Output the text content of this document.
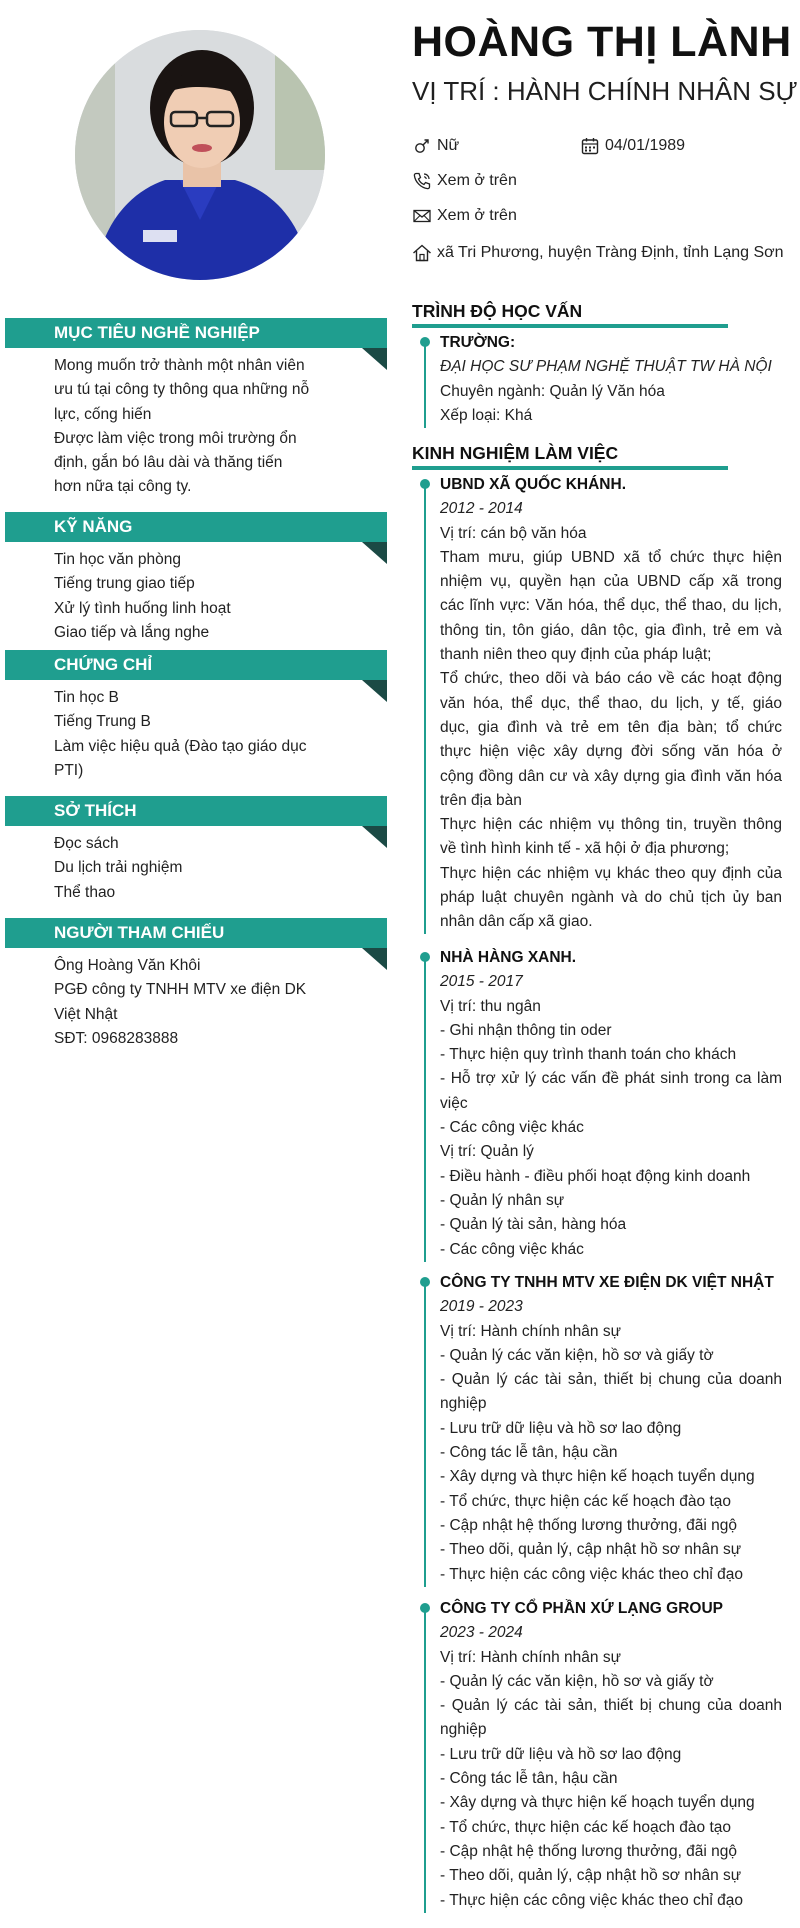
HOÀNG THỊ LÀNH
VỊ TRÍ : HÀNH CHÍNH NHÂN SỰ
Nữ	04/01/1989
Xem ở trên
Xem ở trên
xã Tri Phương, huyện Tràng Định, tỉnh Lạng Sơn
MỤC TIÊU NGHỀ NGHIỆP
Mong muốn trở thành một nhân viên
ưu tú tại công ty thông qua những nỗ
lực, cống hiến
Được làm việc trong môi trường ổn
định, gắn bó lâu dài và thăng tiến
hơn nữa tại công ty.
KỸ NĂNG
Tin học văn phòng
Tiếng trung giao tiếp
Xử lý tình huống linh hoạt
Giao tiếp và lắng nghe
CHỨNG CHỈ
Tin học B
Tiếng Trung B
Làm việc hiệu quả (Đào tạo giáo dục
PTI)
SỞ THÍCH
Đọc sách
Du lịch trải nghiệm
Thể thao
NGƯỜI THAM CHIẾU
Ông Hoàng Văn Khôi
PGĐ công ty TNHH MTV xe điện DK
Việt Nhật
SĐT: 0968283888
TRÌNH ĐỘ HỌC VẤN
TRƯỜNG:
ĐẠI HỌC SƯ PHẠM NGHỆ THUẬT TW HÀ NỘI
Chuyên ngành: Quản lý Văn hóa
Xếp loại: Khá
KINH NGHIỆM LÀM VIỆC
UBND XÃ QUỐC KHÁNH.
2012 - 2014
Vị trí: cán bộ văn hóa
Tham mưu, giúp UBND xã tổ chức thực hiện
nhiệm vụ, quyền hạn của UBND cấp xã trong
các lĩnh vực: Văn hóa, thể dục, thể thao, du lịch,
thông tin, tôn giáo, dân tộc, gia đình, trẻ em và
thanh niên theo quy định của pháp luật;
Tổ chức, theo dõi và báo cáo về các hoạt động
văn hóa, thể dục, thể thao, du lịch, y tế, giáo
dục, gia đình và trẻ em tên địa bàn; tổ chức
thực hiện việc xây dựng đời sống văn hóa ở
cộng đồng dân cư và xây dựng gia đình văn hóa
trên địa bàn
Thực hiện các nhiệm vụ thông tin, truyền thông
về tình hình kinh tế - xã hội ở địa phương;
Thực hiện các nhiệm vụ khác theo quy định của
pháp luật chuyên ngành và do chủ tịch ủy ban
nhân dân cấp xã giao.
NHÀ HÀNG XANH.
2015 - 2017
Vị trí: thu ngân
- Ghi nhận thông tin oder
- Thực hiện quy trình thanh toán cho khách
- Hỗ trợ xử lý các vấn đề phát sinh trong ca làm
việc
- Các công việc khác
Vị trí: Quản lý
- Điều hành - điều phối hoạt động kinh doanh
- Quản lý nhân sự
- Quản lý tài sản, hàng hóa
- Các công việc khác
CÔNG TY TNHH MTV XE ĐIỆN DK VIỆT NHẬT
2019 - 2023
Vị trí: Hành chính nhân sự
- Quản lý các văn kiện, hồ sơ và giấy tờ
- Quản lý các tài sản, thiết bị chung của doanh
nghiệp
- Lưu trữ dữ liệu và hồ sơ lao động
- Công tác lễ tân, hậu cần
- Xây dựng và thực hiện kế hoạch tuyển dụng
- Tổ chức, thực hiện các kế hoạch đào tạo
- Cập nhật hệ thống lương thưởng, đãi ngộ
- Theo dõi, quản lý, cập nhật hồ sơ nhân sự
- Thực hiện các công việc khác theo chỉ đạo
CÔNG TY CỔ PHẦN XỨ LẠNG GROUP
2023 - 2024
Vị trí: Hành chính nhân sự
- Quản lý các văn kiện, hồ sơ và giấy tờ
- Quản lý các tài sản, thiết bị chung của doanh
nghiệp
- Lưu trữ dữ liệu và hồ sơ lao động
- Công tác lễ tân, hậu cần
- Xây dựng và thực hiện kế hoạch tuyển dụng
- Tổ chức, thực hiện các kế hoạch đào tạo
- Cập nhật hệ thống lương thưởng, đãi ngộ
- Theo dõi, quản lý, cập nhật hồ sơ nhân sự
- Thực hiện các công việc khác theo chỉ đạo
